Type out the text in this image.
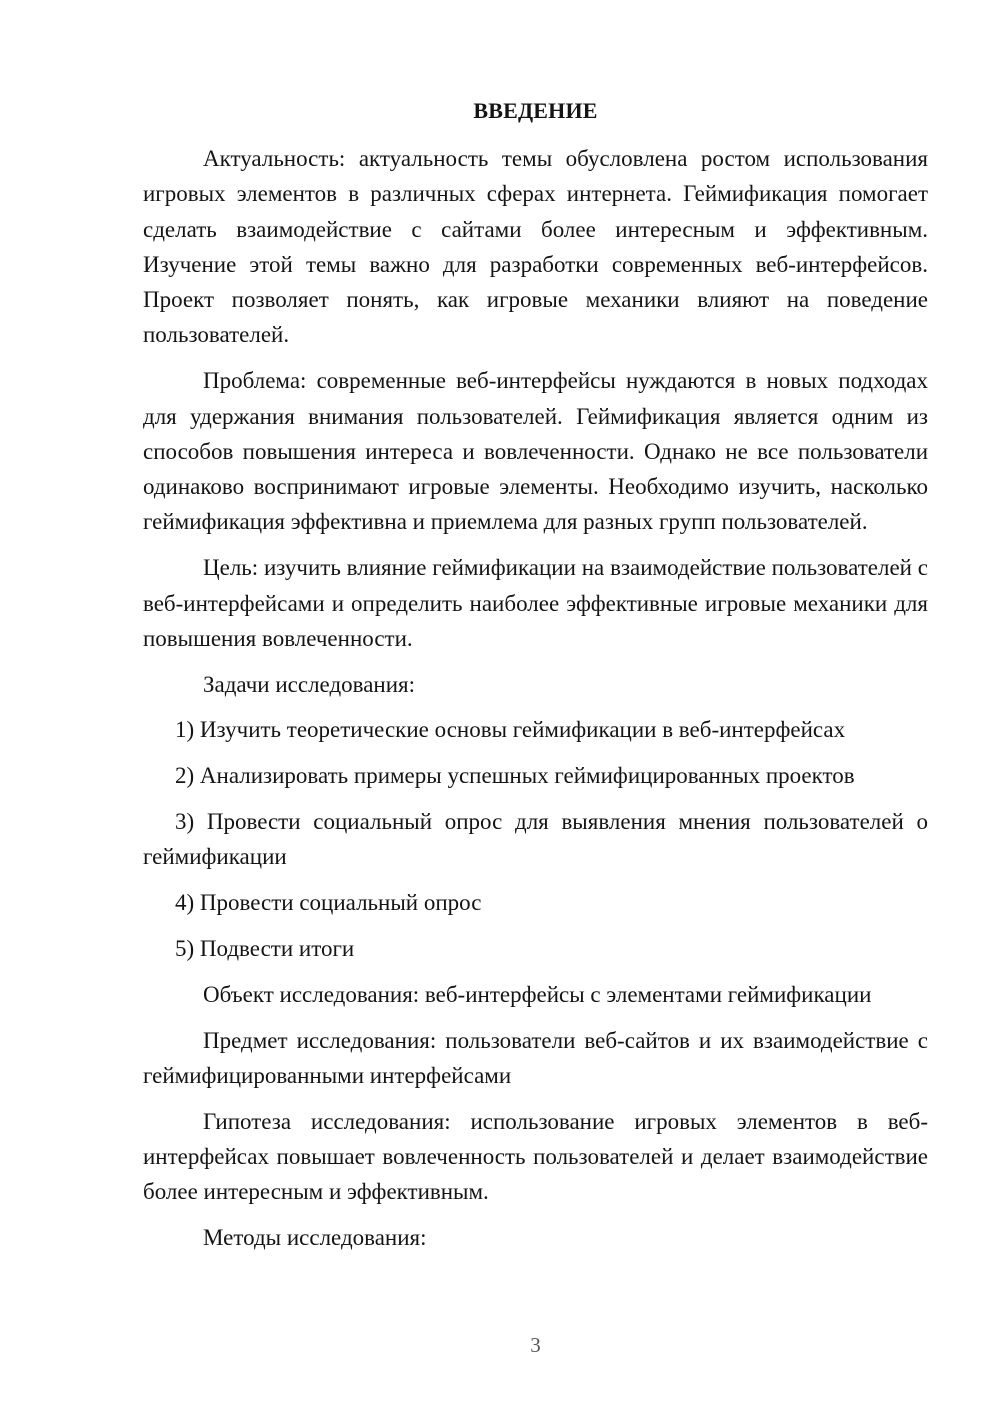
ВВЕДЕНИЕ

Актуальность: актуальность темы обусловлена ростом использования игровых элементов в различных сферах интернета. Геймификация помогает сделать взаимодействие с сайтами более интересным и эффективным. Изучение этой темы важно для разработки современных веб-интерфейсов. Проект позволяет понять, как игровые механики влияют на поведение пользователей.

Проблема: современные веб-интерфейсы нуждаются в новых подходах для удержания внимания пользователей. Геймификация является одним из способов повышения интереса и вовлеченности. Однако не все пользователи одинаково воспринимают игровые элементы. Необходимо изучить, насколько геймификация эффективна и приемлема для разных групп пользователей.

Цель: изучить влияние геймификации на взаимодействие пользователей с веб-интерфейсами и определить наиболее эффективные игровые механики для повышения вовлеченности.

Задачи исследования:

1) Изучить теоретические основы геймификации в веб-интерфейсах

2) Анализировать примеры успешных геймифицированных проектов

3) Провести социальный опрос для выявления мнения пользователей о геймификации

4) Провести социальный опрос

5) Подвести итоги

Объект исследования: веб-интерфейсы с элементами геймификации

Предмет исследования: пользователи веб-сайтов и их взаимодействие с геймифицированными интерфейсами

Гипотеза исследования: использование игровых элементов в веб-интерфейсах повышает вовлеченность пользователей и делает взаимодействие более интересным и эффективным.

Методы исследования:

3
